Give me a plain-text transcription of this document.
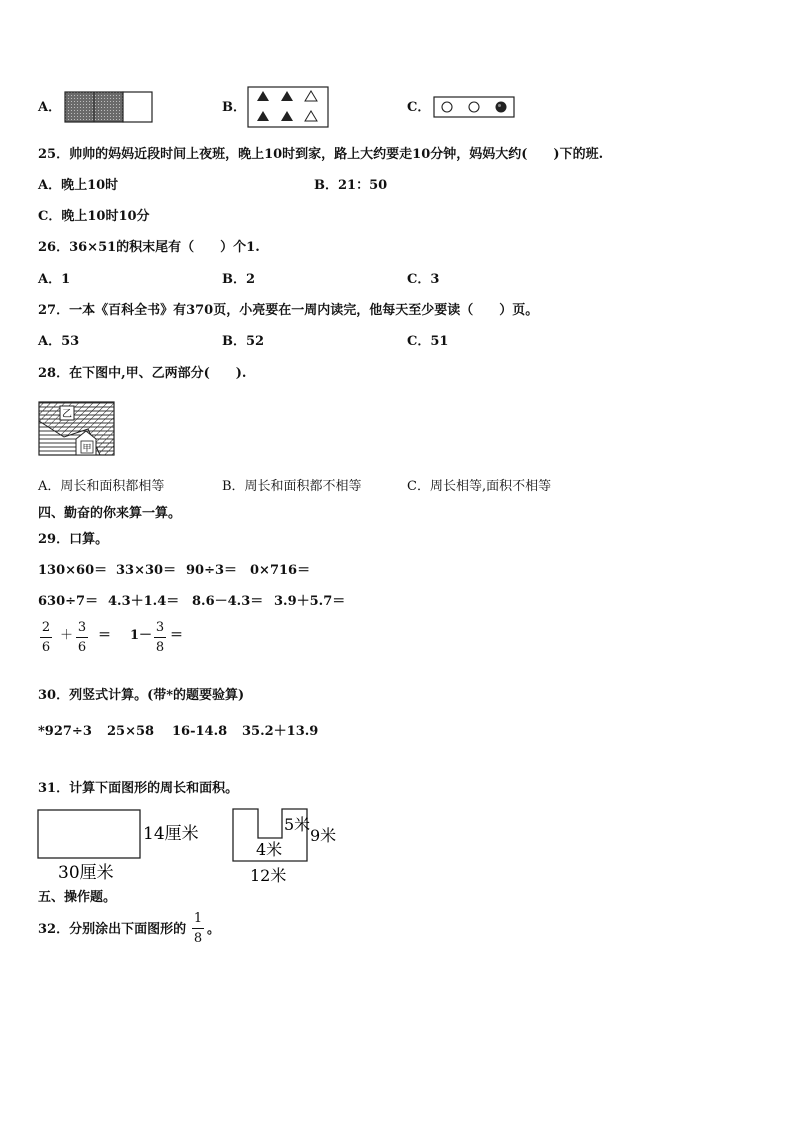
A．	B．	C．
25．帅帅的妈妈近段时间上夜班，晚上10时到家，路上大约要走10分钟，妈妈大约(　　)下的班.
A．晚上10时	B．21：50
C．晚上10时10分
26．36×51的积末尾有（　　）个1.
A．1	B．2	C．3
27．一本《百科全书》有370页，小亮要在一周内读完，他每天至少要读（　　）页。
A．53	B．52	C．51
28．在下图中,甲、乙两部分(　　).
乙
甲
A．周长和面积都相等	B．周长和面积都不相等	C．周长相等,面积不相等
四、勤奋的你来算一算。
29．口算。
130×60＝ 33×30＝ 90÷3＝ 0×716＝
630÷7＝ 4.3＋1.4＝ 8.6－4.3＝ 3.9＋5.7＝
2
6
＋
3
6
＝ 1－
3
8
＝
30．列竖式计算。(带*的题要验算)
*927÷3 25×58 16-14.8 35.2＋13.9
31．计算下面图形的周长和面积。
14厘米
30厘米
5米
4米
9米
12米
五、操作题。
32．分别涂出下面图形的
1
8
。
